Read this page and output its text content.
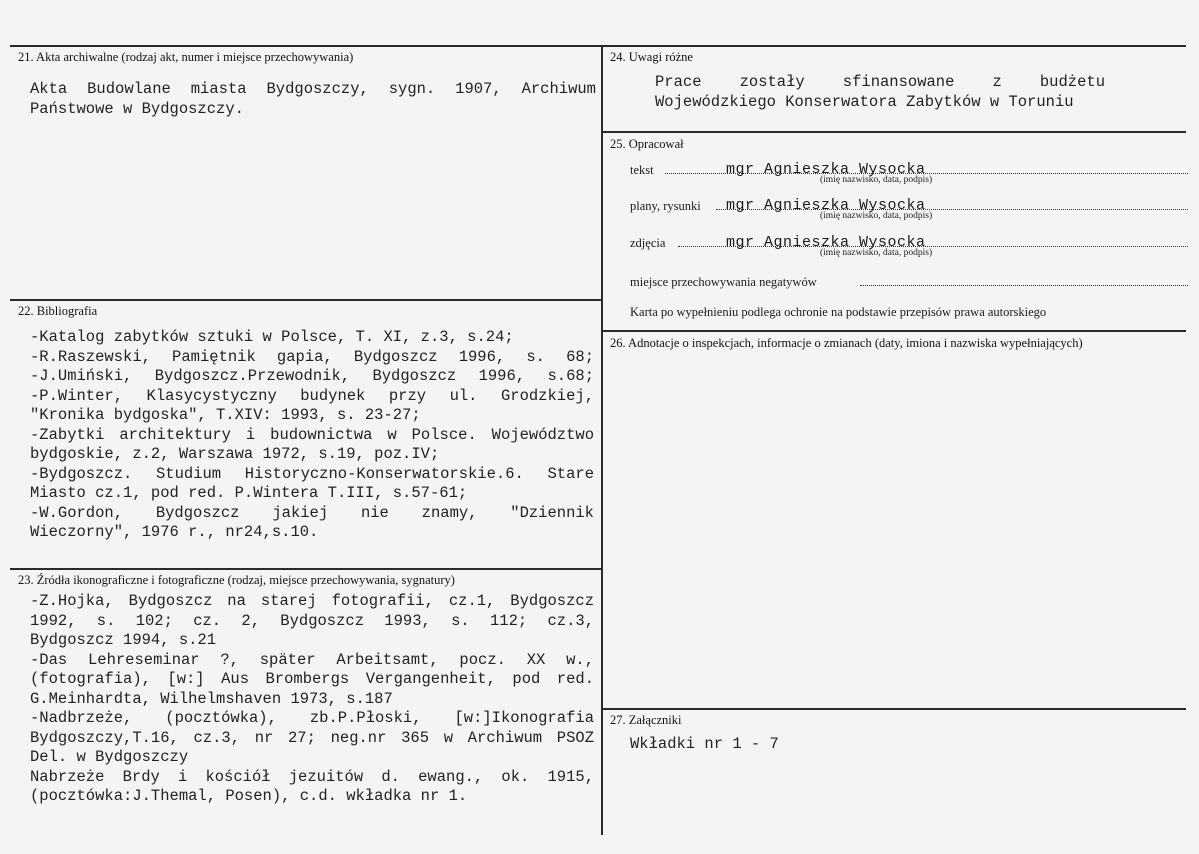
21. Akta archiwalne (rodzaj akt, numer i miejsce przechowywania)
Akta Budowlane miasta Bydgoszczy, sygn. 1907, Archiwum
Państwowe w Bydgoszczy.
22. Bibliografia
-Katalog zabytków sztuki w Polsce, T. XI, z.3, s.24;
-R.Raszewski, Pamiętnik gapia, Bydgoszcz 1996, s. 68;
-J.Umiński, Bydgoszcz.Przewodnik, Bydgoszcz 1996, s.68;
-P.Winter, Klasycystyczny budynek przy ul. Grodzkiej,
"Kronika bydgoska", T.XIV: 1993, s. 23-27;
-Zabytki architektury i budownictwa w Polsce. Województwo
bydgoskie, z.2, Warszawa 1972, s.19, poz.IV;
-Bydgoszcz. Studium Historyczno-Konserwatorskie.6. Stare
Miasto cz.1, pod red. P.Wintera T.III, s.57-61;
-W.Gordon, Bydgoszcz jakiej nie znamy, "Dziennik
Wieczorny", 1976 r., nr24,s.10.
23. Źródła ikonograficzne i fotograficzne (rodzaj, miejsce przechowywania, sygnatury)
-Z.Hojka, Bydgoszcz na starej fotografii, cz.1, Bydgoszcz
1992, s. 102; cz. 2, Bydgoszcz 1993, s. 112; cz.3,
Bydgoszcz 1994, s.21
-Das Lehreseminar ?, später Arbeitsamt, pocz. XX w.,
(fotografia), [w:] Aus Brombergs Vergangenheit, pod red.
G.Meinhardta, Wilhelmshaven 1973, s.187
-Nadbrzeże, (pocztówka), zb.P.Płoski, [w:]Ikonografia
Bydgoszczy,T.16, cz.3, nr 27; neg.nr 365 w Archiwum PSOZ
Del. w Bydgoszczy
Nabrzeże Brdy i kościół jezuitów d. ewang., ok. 1915,
(pocztówka:J.Themal, Posen), c.d. wkładka nr 1.
24. Uwagi różne
Prace zostały sfinansowane z budżetu
Wojewódzkiego Konserwatora Zabytków w Toruniu
25. Opracował
tekst	mgr Agnieszka Wysocka
(imię nazwisko, data, podpis)
plany, rysunki mgr Agnieszka Wysocka
(imię nazwisko, data, podpis)
zdjęcia	mgr Agnieszka Wysocka
(imię nazwisko, data, podpis)
miejsce przechowywania negatywów
Karta po wypełnieniu podlega ochronie na podstawie przepisów prawa autorskiego
26. Adnotacje o inspekcjach, informacje o zmianach (daty, imiona i nazwiska wypełniających)
27. Załączniki
Wkładki nr 1 - 7
